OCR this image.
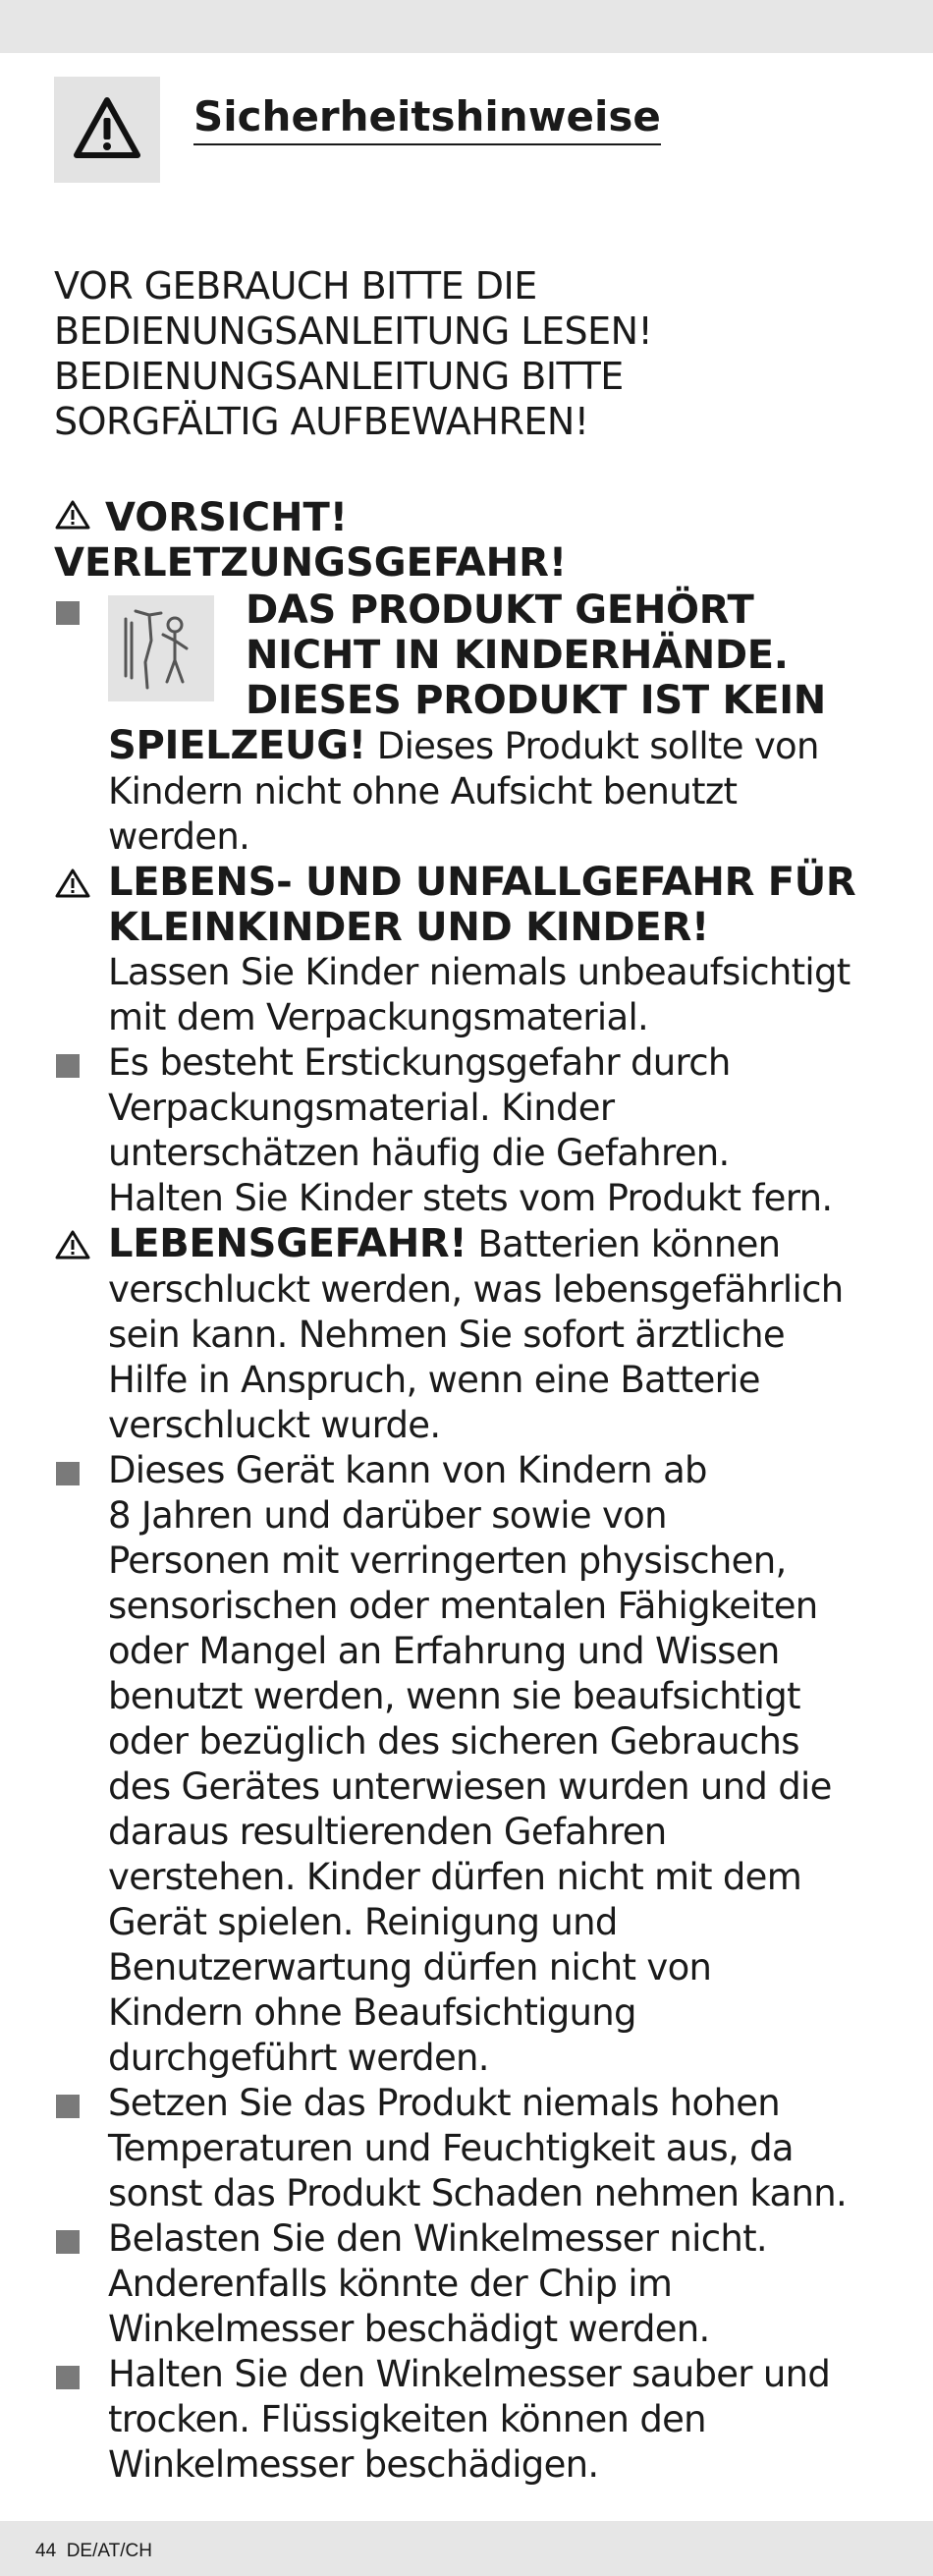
Sicherheitshinweise
VOR GEBRAUCH BITTE DIE
BEDIENUNGSANLEITUNG LESEN!
BEDIENUNGSANLEITUNG BITTE
SORGFÄLTIG AUFBEWAHREN!
VORSICHT!
VERLETZUNGSGEFAHR!
DAS PRODUKT GEHÖRT
NICHT IN KINDERHÄNDE.
DIESES PRODUKT IST KEIN
SPIELZEUG! Dieses Produkt sollte von
Kindern nicht ohne Aufsicht benutzt
werden.
LEBENS- UND UNFALLGEFAHR FÜR
KLEINKINDER UND KINDER!
Lassen Sie Kinder niemals unbeaufsichtigt
mit dem Verpackungsmaterial.
Es besteht Erstickungsgefahr durch
Verpackungsmaterial. Kinder
unterschätzen häufig die Gefahren.
Halten Sie Kinder stets vom Produkt fern.
LEBENSGEFAHR! Batterien können
verschluckt werden, was lebensgefährlich
sein kann. Nehmen Sie sofort ärztliche
Hilfe in Anspruch, wenn eine Batterie
verschluckt wurde.
Dieses Gerät kann von Kindern ab
8 Jahren und darüber sowie von
Personen mit verringerten physischen,
sensorischen oder mentalen Fähigkeiten
oder Mangel an Erfahrung und Wissen
benutzt werden, wenn sie beaufsichtigt
oder bezüglich des sicheren Gebrauchs
des Gerätes unterwiesen wurden und die
daraus resultierenden Gefahren
verstehen. Kinder dürfen nicht mit dem
Gerät spielen. Reinigung und
Benutzerwartung dürfen nicht von
Kindern ohne Beaufsichtigung
durchgeführt werden.
Setzen Sie das Produkt niemals hohen
Temperaturen und Feuchtigkeit aus, da
sonst das Produkt Schaden nehmen kann.
Belasten Sie den Winkelmesser nicht.
Anderenfalls könnte der Chip im
Winkelmesser beschädigt werden.
Halten Sie den Winkelmesser sauber und
trocken. Flüssigkeiten können den
Winkelmesser beschädigen.
44 DE/AT/CH
